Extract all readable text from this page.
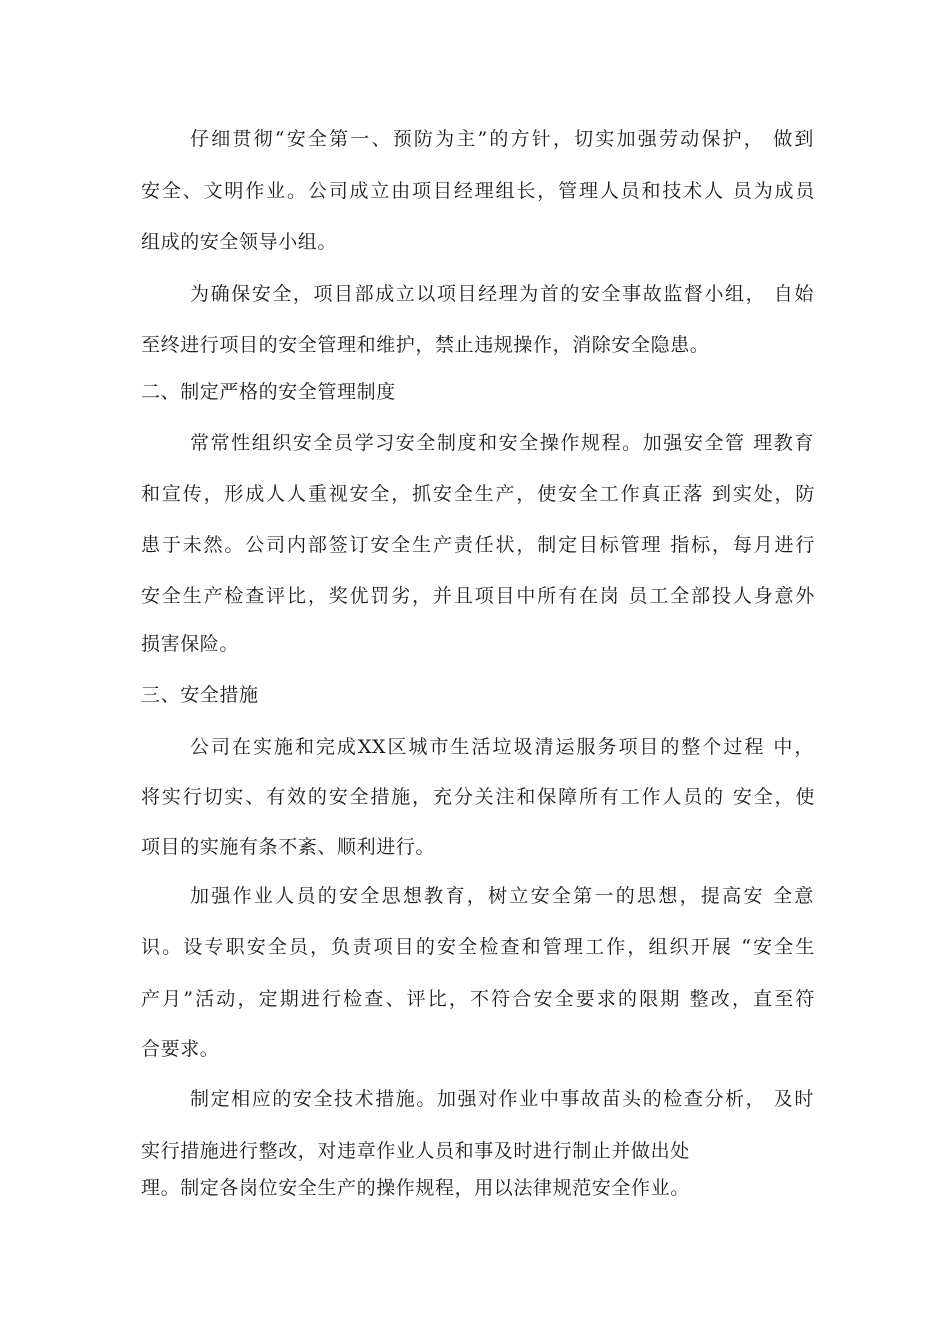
仔细贯彻“安全第一、预防为主”的方针，切实加强劳动保护， 做到
安全、文明作业。公司成立由项目经理组长，管理人员和技术人 员为成员
组成的安全领导小组。
为确保安全，项目部成立以项目经理为首的安全事故监督小组， 自始
至终进行项目的安全管理和维护，禁止违规操作，消除安全隐患。
二、制定严格的安全管理制度
常常性组织安全员学习安全制度和安全操作规程。加强安全管 理教育
和宣传，形成人人重视安全，抓安全生产，使安全工作真正落 到实处，防
患于未然。公司内部签订安全生产责任状，制定目标管理 指标，每月进行
安全生产检查评比，奖优罚劣，并且项目中所有在岗 员工全部投人身意外
损害保险。
三、安全措施
公司在实施和完成XX区城市生活垃圾清运服务项目的整个过程 中，
将实行切实、有效的安全措施，充分关注和保障所有工作人员的 安全，使
项目的实施有条不紊、顺利进行。
加强作业人员的安全思想教育，树立安全第一的思想，提高安 全意
识。设专职安全员，负责项目的安全检查和管理工作，组织开展 “安全生
产月”活动，定期进行检查、评比，不符合安全要求的限期 整改，直至符
合要求。
制定相应的安全技术措施。加强对作业中事故苗头的检查分析， 及时
实行措施进行整改，对违章作业人员和事及时进行制止并做出处
理。制定各岗位安全生产的操作规程，用以法律规范安全作业。
